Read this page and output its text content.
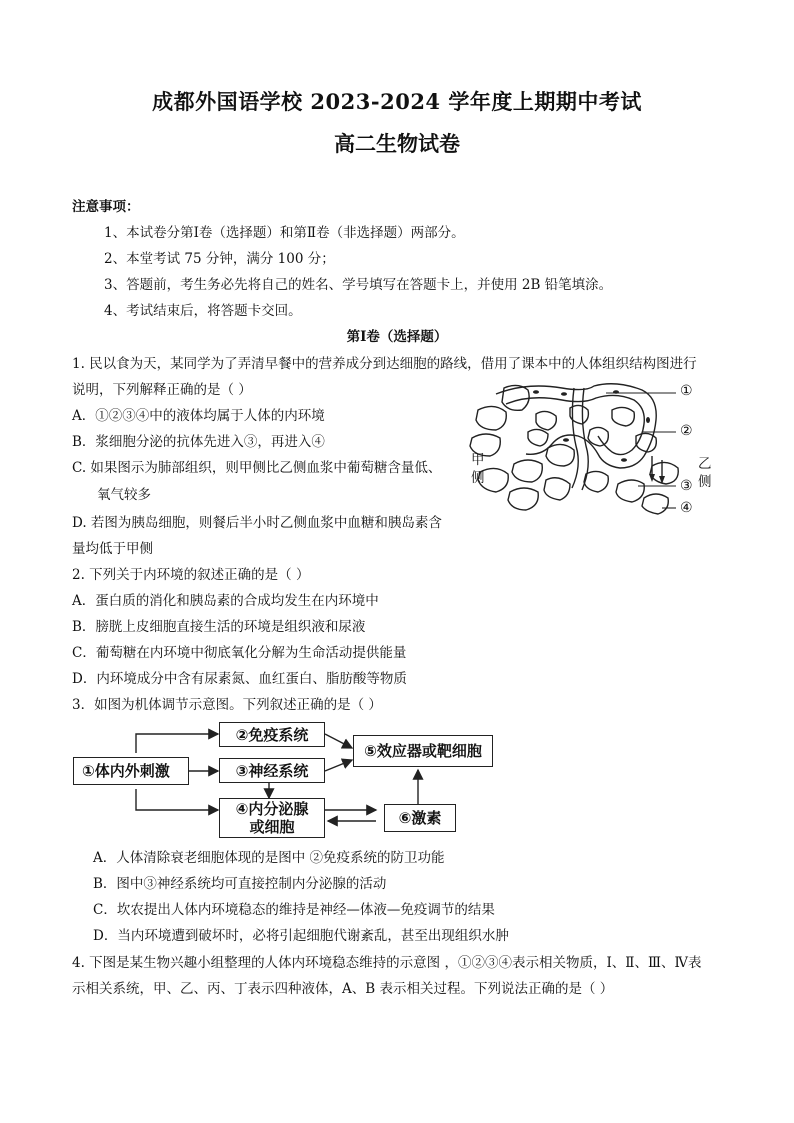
成都外国语学校 2023-2024 学年度上期期中考试
高二生物试卷
注意事项：
1、本试卷分第Ⅰ卷（选择题）和第Ⅱ卷（非选择题）两部分。
2、本堂考试 75 分钟，满分 100 分；
3、答题前，考生务必先将自己的姓名、学号填写在答题卡上，并使用 2B 铅笔填涂。
4、考试结束后，将答题卡交回。
第Ⅰ卷（选择题）
1. 民以食为天，某同学为了弄清早餐中的营养成分到达细胞的路线，借用了课本中的人体组织结构图进行
说明，下列解释正确的是（ ）
A．①②③④中的液体均属于人体的内环境
B．浆细胞分泌的抗体先进入③，再进入④
C. 如果图示为肺部组织，则甲侧比乙侧血浆中葡萄糖含量低、
氧气较多
D. 若图为胰岛细胞，则餐后半小时乙侧血浆中血糖和胰岛素含
量均低于甲侧
①
②
③
④
甲
侧
乙
侧
2. 下列关于内环境的叙述正确的是（ ）
A．蛋白质的消化和胰岛素的合成均发生在内环境中
B．膀胱上皮细胞直接生活的环境是组织液和尿液
C．葡萄糖在内环境中彻底氧化分解为生命活动提供能量
D．内环境成分中含有尿素氮、血红蛋白、脂肪酸等物质
3．如图为机体调节示意图。下列叙述正确的是（ ）
①体内外刺激
②免疫系统
③神经系统
④内分泌腺或细胞
⑤效应器或靶细胞
⑥激素
A．人体清除衰老细胞体现的是图中 ②免疫系统的防卫功能
B．图中③神经系统均可直接控制内分泌腺的活动
C．坎农提出人体内环境稳态的维持是神经—体液—免疫调节的结果
D．当内环境遭到破坏时，必将引起细胞代谢紊乱，甚至出现组织水肿
4. 下图是某生物兴趣小组整理的人体内环境稳态维持的示意图 ，①②③④表示相关物质，Ⅰ、Ⅱ、Ⅲ、Ⅳ表
示相关系统，甲、乙、丙、丁表示四种液体，A、B 表示相关过程。下列说法正确的是（ ）
